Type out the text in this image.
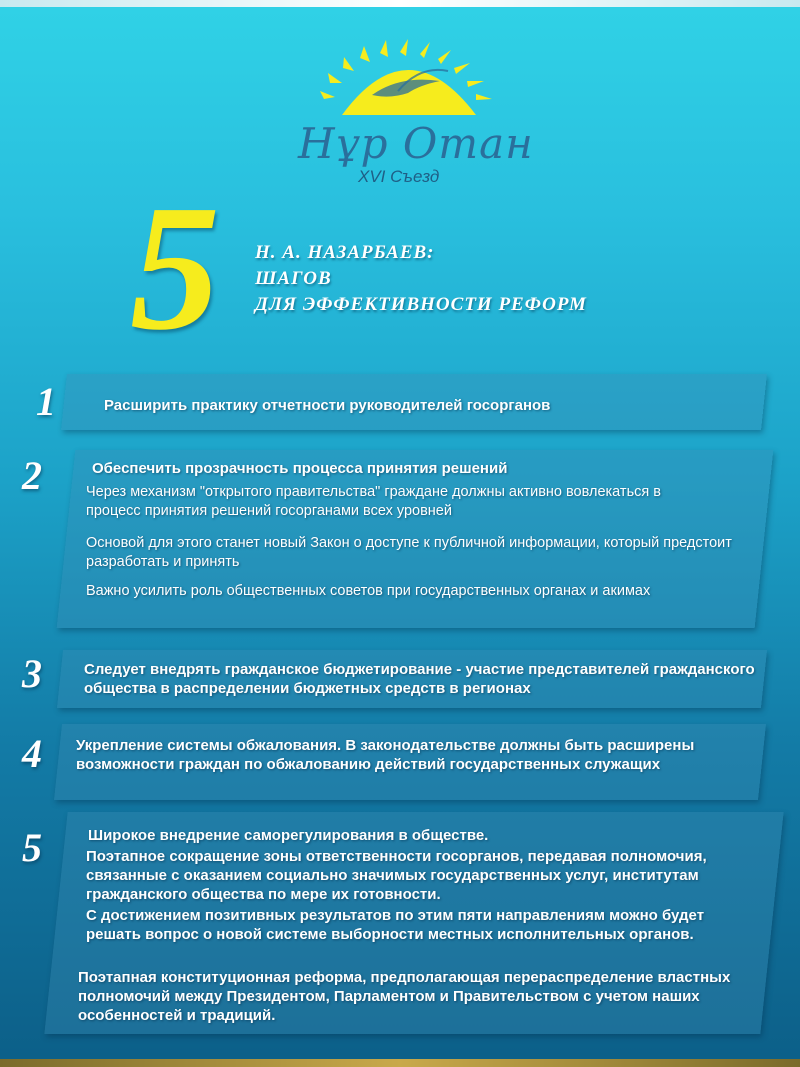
Нұр Отан
XVI Съезд
5 Н. А. НАЗАРБАЕВ:
ШАГОВ
ДЛЯ ЭФФЕКТИВНОСТИ РЕФОРМ
1	Расширить практику отчетности руководителей госорганов
2	Обеспечить прозрачность процесса принятия решений
Через механизм "открытого правительства" граждане должны активно вовлекаться в процесс принятия решений госорганами всех уровней
Основой для этого станет новый Закон о доступе к публичной информации, который предстоит разработать и принять
Важно усилить роль общественных советов при государственных органах и акимах
3	Следует внедрять гражданское бюджетирование - участие представителей гражданского общества в распределении бюджетных средств в регионах
4 Укрепление системы обжалования. В законодательстве должны быть расширены возможности граждан по обжалованию действий государственных служащих
5	Широкое внедрение саморегулирования в обществе.
Поэтапное сокращение зоны ответственности госорганов, передавая полномочия, связанные с оказанием социально значимых государственных услуг, институтам гражданского общества по мере их готовности.
С достижением позитивных результатов по этим пяти направлениям можно будет решать вопрос о новой системе выборности местных исполнительных органов.
Поэтапная конституционная реформа, предполагающая перераспределение властных полномочий между Президентом, Парламентом и Правительством с учетом наших особенностей и традиций.
